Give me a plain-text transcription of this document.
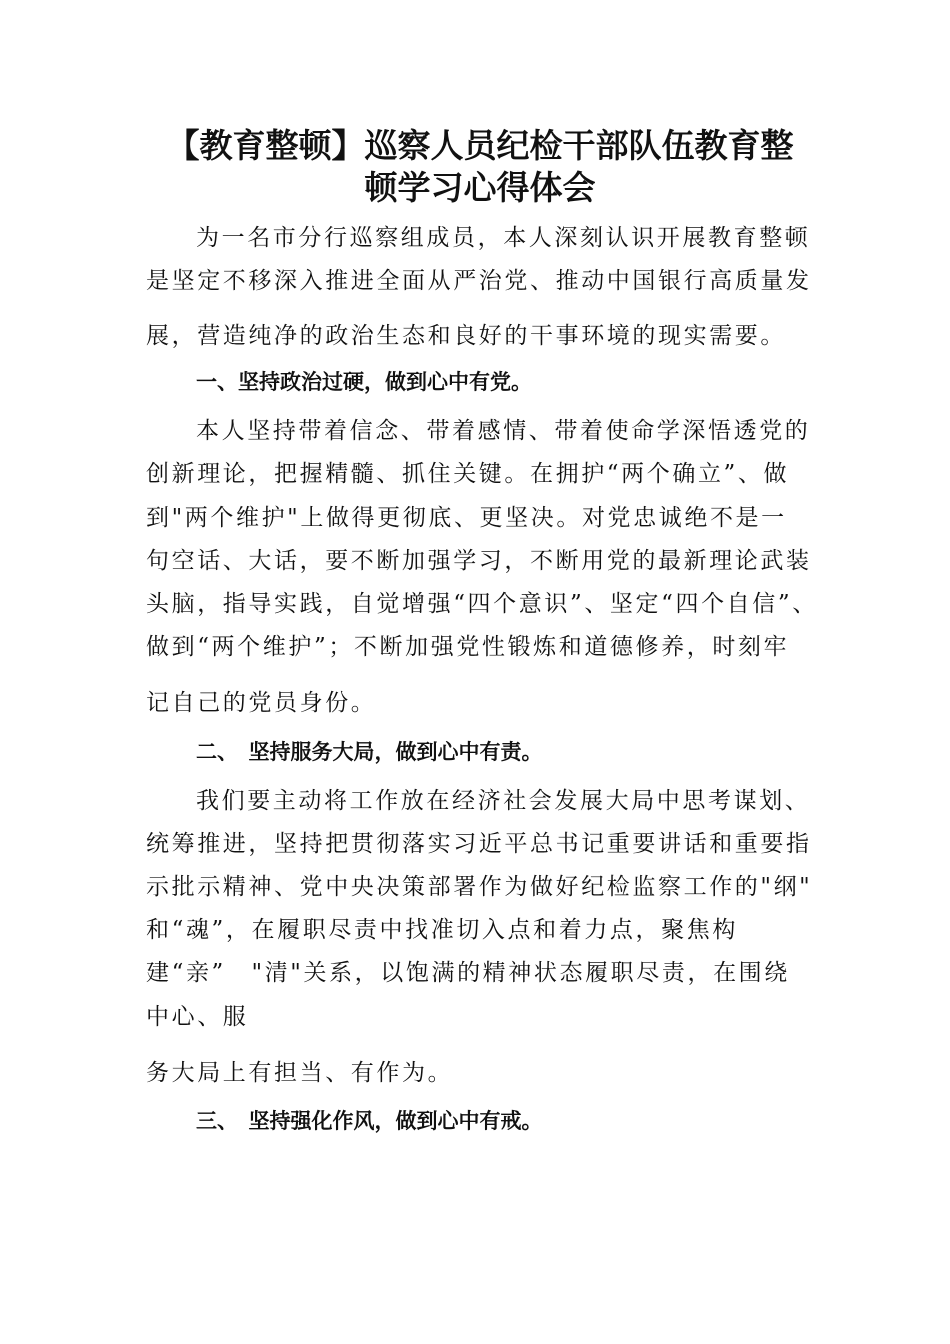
【教育整顿】巡察人员纪检干部队伍教育整
顿学习心得体会
为一名市分行巡察组成员，本人深刻认识开展教育整顿
是坚定不移深入推进全面从严治党、推动中国银行高质量发
展，营造纯净的政治生态和良好的干事环境的现实需要。
一、坚持政治过硬，做到心中有党。
本人坚持带着信念、带着感情、带着使命学深悟透党的
创新理论，把握精髓、抓住关键。在拥护“两个确立”、做
到"两个维护"上做得更彻底、更坚决。对党忠诚绝不是一
句空话、大话，要不断加强学习，不断用党的最新理论武装
头脑，指导实践，自觉增强“四个意识”、坚定“四个自信”、
做到“两个维护”；不断加强党性锻炼和道德修养，时刻牢
记自己的党员身份。
二、　坚持服务大局，做到心中有责。
我们要主动将工作放在经济社会发展大局中思考谋划、
统筹推进，坚持把贯彻落实习近平总书记重要讲话和重要指
示批示精神、党中央决策部署作为做好纪检监察工作的"纲"
和“魂”，在履职尽责中找准切入点和着力点，聚焦构
建“亲”　"清"关系，以饱满的精神状态履职尽责，在围绕
中心、服
务大局上有担当、有作为。
三、　坚持强化作风，做到心中有戒。
